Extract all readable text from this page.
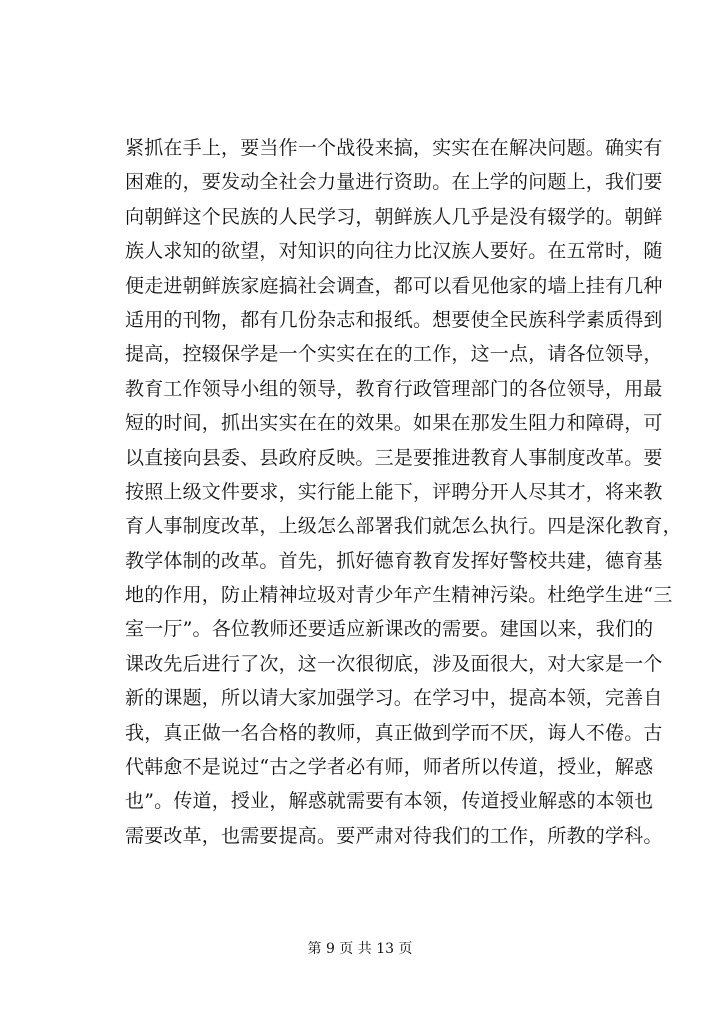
紧抓在手上，要当作一个战役来搞，实实在在解决问题。确实有
困难的，要发动全社会力量进行资助。在上学的问题上，我们要
向朝鲜这个民族的人民学习，朝鲜族人几乎是没有辍学的。朝鲜
族人求知的欲望，对知识的向往力比汉族人要好。在五常时，随
便走进朝鲜族家庭搞社会调查，都可以看见他家的墙上挂有几种
适用的刊物，都有几份杂志和报纸。想要使全民族科学素质得到
提高，控辍保学是一个实实在在的工作，这一点，请各位领导，
教育工作领导小组的领导，教育行政管理部门的各位领导，用最
短的时间，抓出实实在在的效果。如果在那发生阻力和障碍，可
以直接向县委、县政府反映。三是要推进教育人事制度改革。要
按照上级文件要求，实行能上能下，评聘分开人尽其才，将来教
育人事制度改革，上级怎么部署我们就怎么执行。四是深化教育，
教学体制的改革。首先，抓好德育教育发挥好警校共建，德育基
地的作用，防止精神垃圾对青少年产生精神污染。杜绝学生进“三
室一厅”。各位教师还要适应新课改的需要。建国以来，我们的
课改先后进行了次，这一次很彻底，涉及面很大，对大家是一个
新的课题，所以请大家加强学习。在学习中，提高本领，完善自
我，真正做一名合格的教师，真正做到学而不厌，诲人不倦。古
代韩愈不是说过“古之学者必有师，师者所以传道，授业，解惑
也”。传道，授业，解惑就需要有本领，传道授业解惑的本领也
需要改革，也需要提高。要严肃对待我们的工作，所教的学科。
第 9 页 共 13 页
